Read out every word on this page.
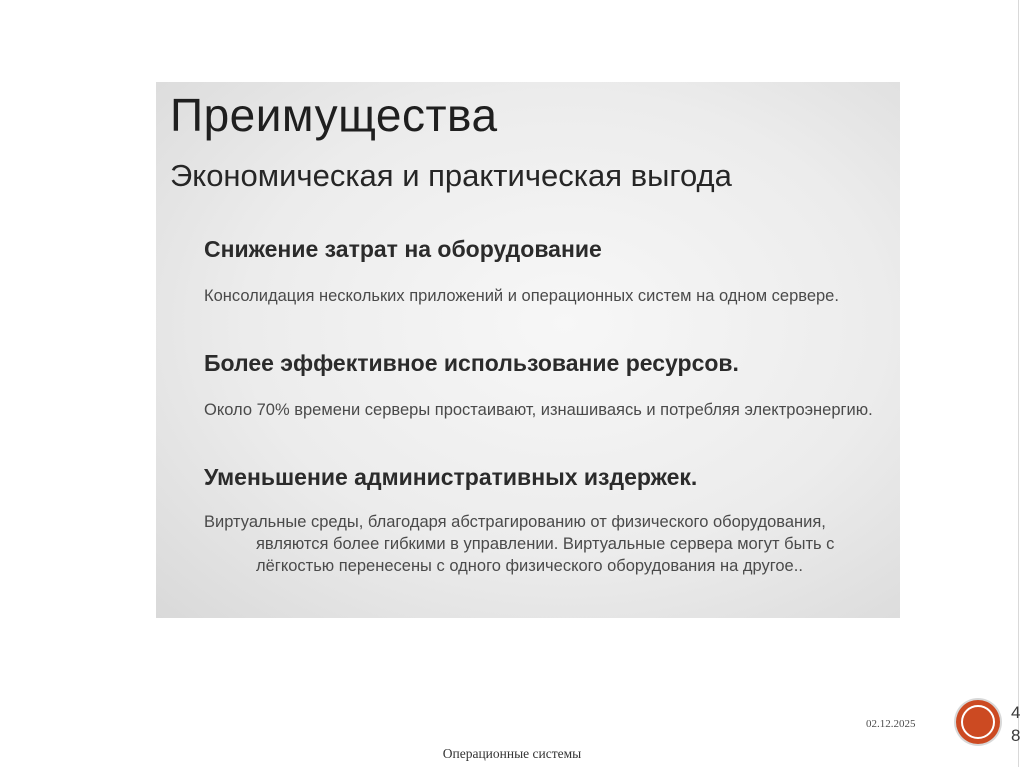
Преимущества
Экономическая и практическая выгода
Снижение затрат на оборудование
Консолидация нескольких приложений и операционных систем на одном сервере.
Более эффективное использование ресурсов.
Около 70% времени серверы простаивают, изнашиваясь и потребляя электроэнергию.
Уменьшение административных издержек.
Виртуальные среды, благодаря абстрагированию от физического оборудования, являются более гибкими в управлении. Виртуальные сервера могут быть с лёгкостью перенесены с одного физического оборудования на другое..
02.12.2025
48
Операционные системы
